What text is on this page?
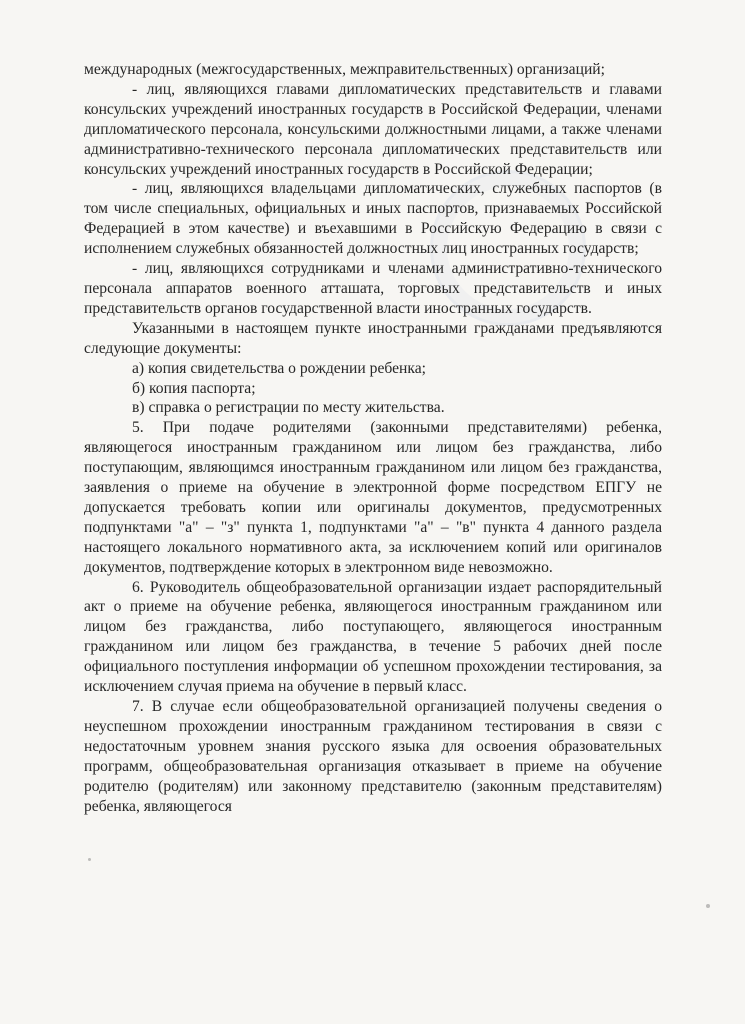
международных (межгосударственных, межправительственных) организаций;

- лиц, являющихся главами дипломатических представительств и главами консульских учреждений иностранных государств в Российской Федерации, членами дипломатического персонала, консульскими должностными лицами, а также членами административно-технического персонала дипломатических представительств или консульских учреждений иностранных государств в Российской Федерации;

- лиц, являющихся владельцами дипломатических, служебных паспортов (в том числе специальных, официальных и иных паспортов, признаваемых Российской Федерацией в этом качестве) и въехавшими в Российскую Федерацию в связи с исполнением служебных обязанностей должностных лиц иностранных государств;

- лиц, являющихся сотрудниками и членами административно-технического персонала аппаратов военного атташата, торговых представительств и иных представительств органов государственной власти иностранных государств.

Указанными в настоящем пункте иностранными гражданами предъявляются следующие документы:

а) копия свидетельства о рождении ребенка;

б) копия паспорта;

в) справка о регистрации по месту жительства.

5. При подаче родителями (законными представителями) ребенка, являющегося иностранным гражданином или лицом без гражданства, либо поступающим, являющимся иностранным гражданином или лицом без гражданства, заявления о приеме на обучение в электронной форме посредством ЕПГУ не допускается требовать копии или оригиналы документов, предусмотренных подпунктами "а" – "з" пункта 1, подпунктами "а" – "в" пункта 4 данного раздела настоящего локального нормативного акта, за исключением копий или оригиналов документов, подтверждение которых в электронном виде невозможно.

6. Руководитель общеобразовательной организации издает распорядительный акт о приеме на обучение ребенка, являющегося иностранным гражданином или лицом без гражданства, либо поступающего, являющегося иностранным гражданином или лицом без гражданства, в течение 5 рабочих дней после официального поступления информации об успешном прохождении тестирования, за исключением случая приема на обучение в первый класс.

7. В случае если общеобразовательной организацией получены сведения о неуспешном прохождении иностранным гражданином тестирования в связи с недостаточным уровнем знания русского языка для освоения образовательных программ, общеобразовательная организация отказывает в приеме на обучение родителю (родителям) или законному представителю (законным представителям) ребенка, являющегося
